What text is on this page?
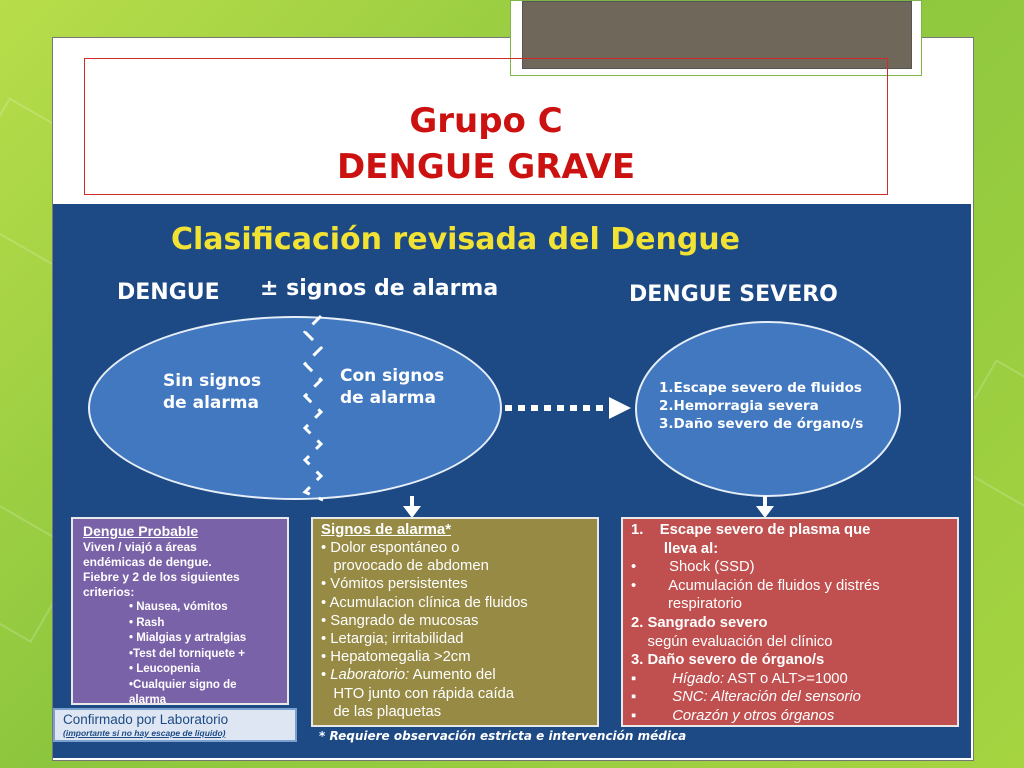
Grupo C
DENGUE GRAVE
Clasificación revisada del Dengue
DENGUE ± signos de alarma	DENGUE SEVERO
Sin signos
de alarma
Con signos
de alarma	1.Escape severo de fluidos
2.Hemorragia severa
3.Daño severo de órgano/s
Dengue Probable
Viven / viajó a áreas
endémicas de dengue.
Fiebre y 2 de los siguientes
criterios:
• Nausea, vómitos
• Rash
• Mialgias y artralgias
•Test del torniquete +
• Leucopenia
•Cualquier signo de
alarma
Confirmado por Laboratorio
(importante si no hay escape de líquido)
Signos de alarma*
• Dolor espontáneo o
provocado de abdomen
• Vómitos persistentes
• Acumulacion clínica de fluidos
• Sangrado de mucosas
• Letargia; irritabilidad
• Hepatomegalia >2cm
• Laboratorio: Aumento del
HTO junto con rápida caída
de las plaquetas
1.    Escape severo de plasma que
lleva al:
•        Shock (SSD)
•        Acumulación de fluidos y distrés
respiratorio
2. Sangrado severo
según evaluación del clínico
3. Daño severo de órgano/s
▪ Hígado: AST o ALT>=1000
▪ SNC: Alteración del sensorio
▪ Corazón y otros órganos
* Requiere observación estricta e intervención médica
